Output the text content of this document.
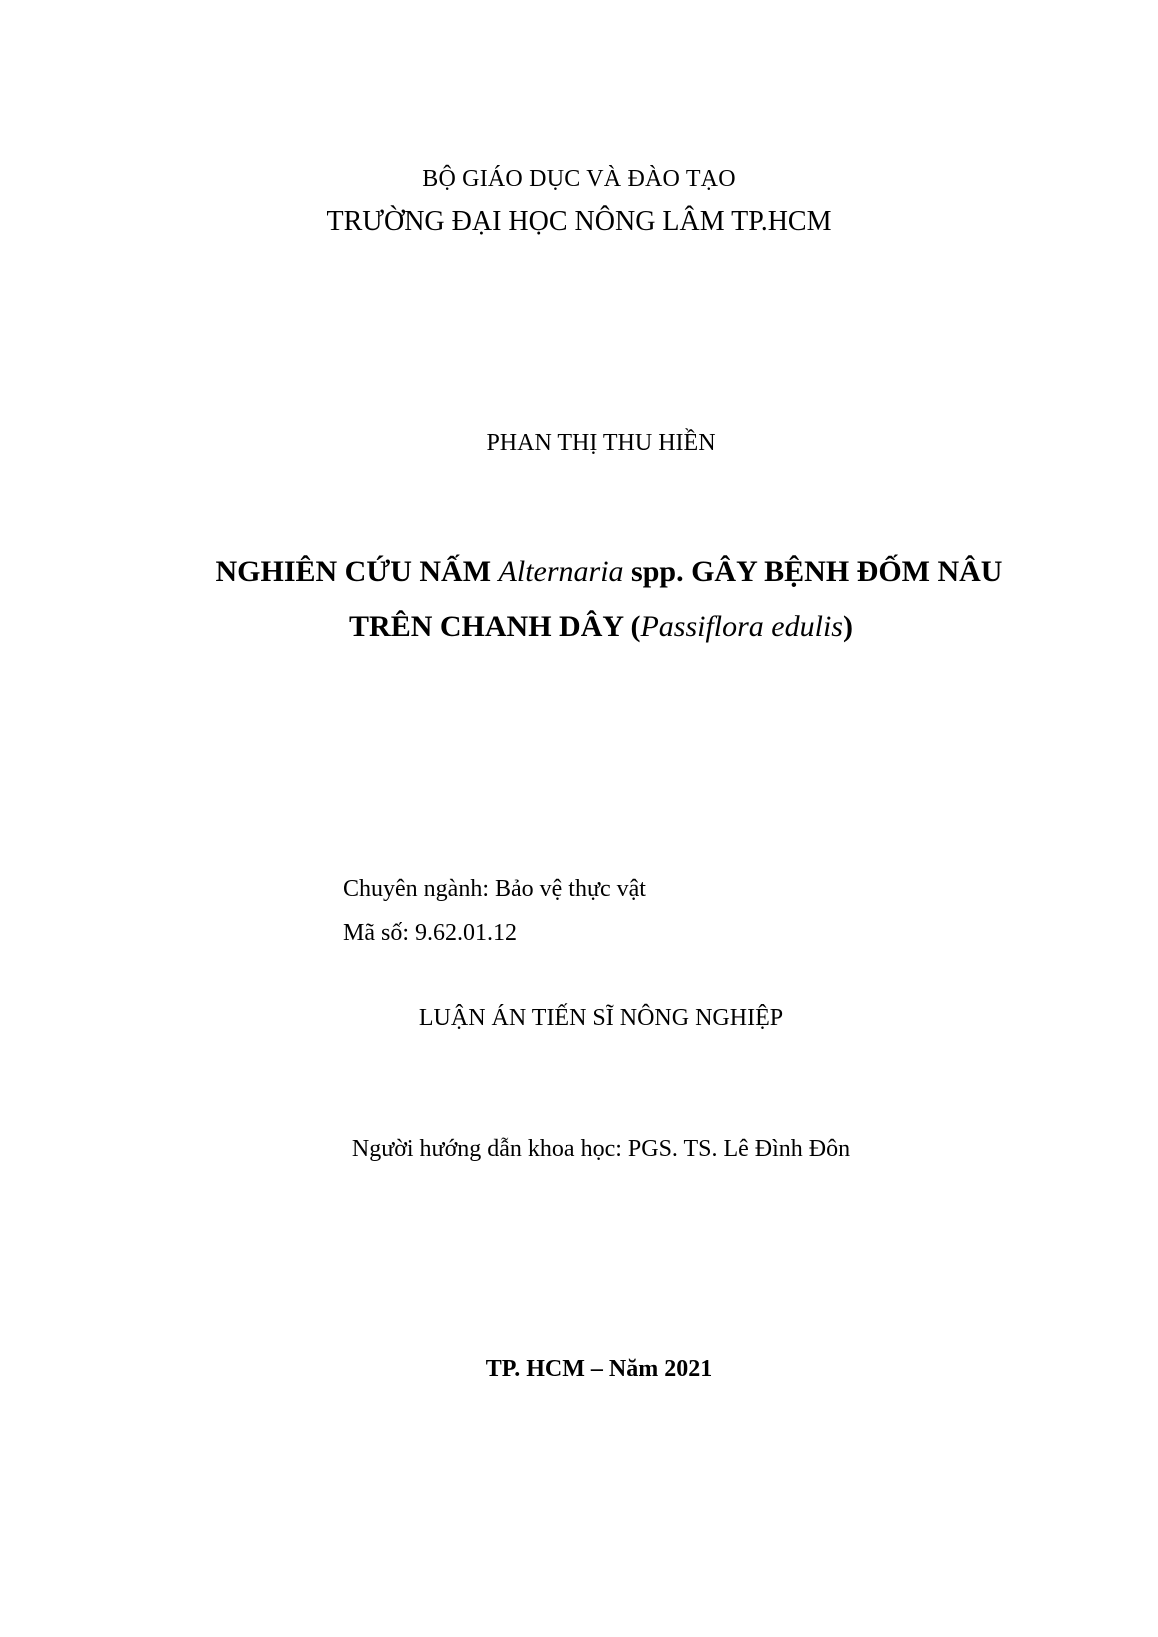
BỘ GIÁO DỤC VÀ ĐÀO TẠO
TRƯỜNG ĐẠI HỌC NÔNG LÂM TP.HCM
PHAN THỊ THU HIỀN
NGHIÊN CỨU NẤM Alternaria spp. GÂY BỆNH ĐỐM NÂU
TRÊN CHANH DÂY (Passiflora edulis)
Chuyên ngành: Bảo vệ thực vật
Mã số: 9.62.01.12
LUẬN ÁN TIẾN SĨ NÔNG NGHIỆP
Người hướng dẫn khoa học: PGS. TS. Lê Đình Đôn
TP. HCM – Năm 2021
